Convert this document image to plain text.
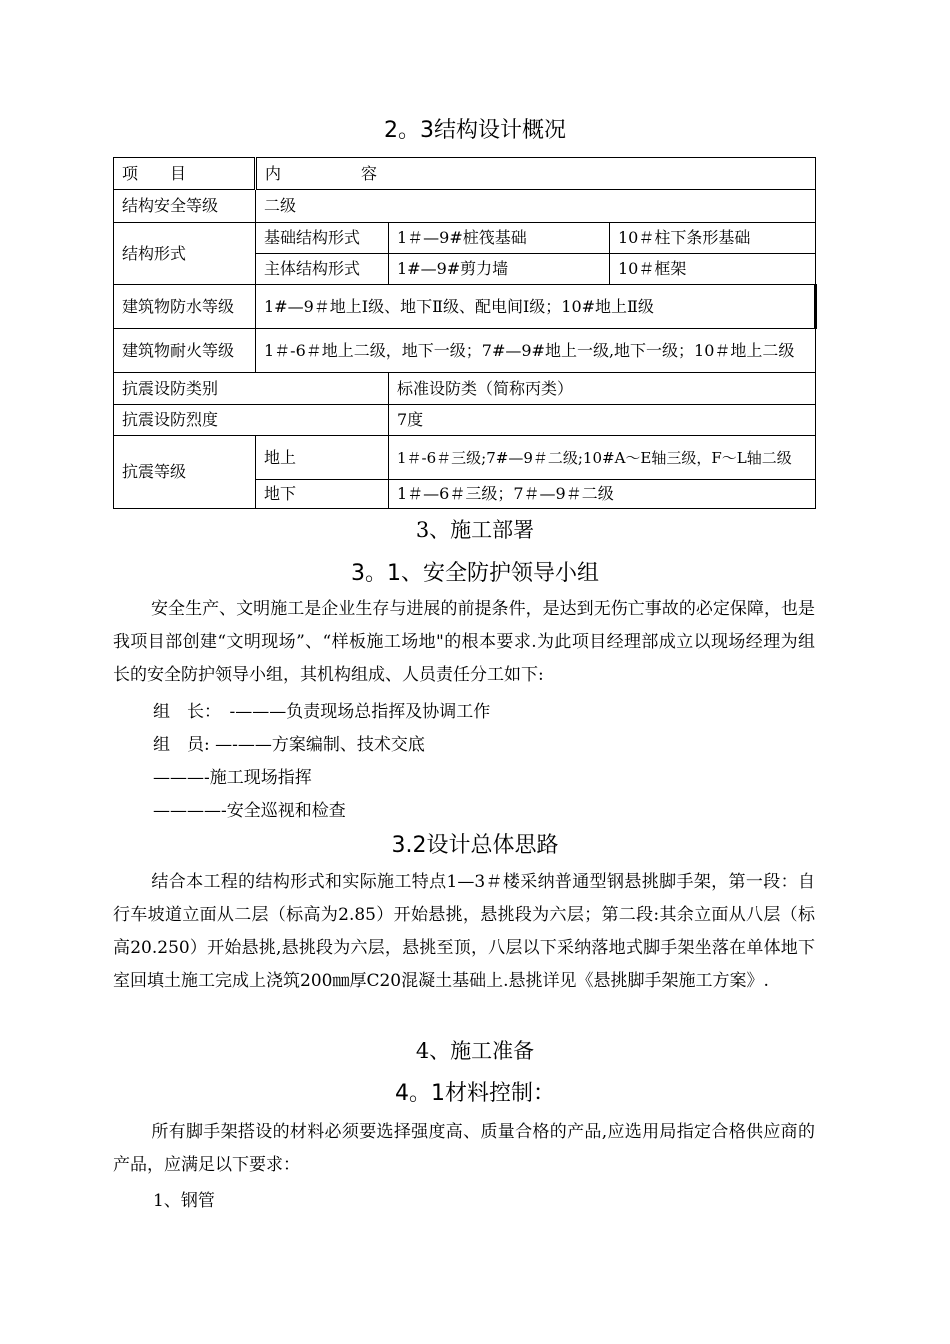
2。3结构设计概况
项　　目	内　　　　　容		
结构安全等级	二级		
结构形式	基础结构形式	1＃—9#桩筏基础	10＃柱下条形基础
	主体结构形式	1#—9#剪力墙	10＃框架
建筑物防水等级	1#—9＃地上Ⅰ级、地下Ⅱ级、配电间Ⅰ级；10#地上Ⅱ级		
建筑物耐火等级	1＃-6＃地上二级，地下一级；7#—9#地上一级,地下一级；10＃地上二级		
抗震设防类别		标准设防类（简称丙类）	
抗震设防烈度		7度	
抗震等级	地上	1＃-6＃三级;7#—9＃二级;10#A～E轴三级，F～L轴二级	
	地下	1＃—6＃三级；7＃—9＃二级	
3、施工部署
3。1、安全防护领导小组
安全生产、文明施工是企业生存与进展的前提条件，是达到无伤亡事故的必定保障，也是我项目部创建“文明现场”、“样板施工场地"的根本要求.为此项目经理部成立以现场经理为组长的安全防护领导小组，其机构组成、人员责任分工如下:
组　长：　-———负责现场总指挥及协调工作
组　员: —-——方案编制、技术交底
———-施工现场指挥
————-安全巡视和检查
3.2设计总体思路
结合本工程的结构形式和实际施工特点1—3＃楼采纳普通型钢悬挑脚手架，第一段：自行车坡道立面从二层（标高为2.85）开始悬挑，悬挑段为六层；第二段:其余立面从八层（标高20.250）开始悬挑,悬挑段为六层，悬挑至顶，八层以下采纳落地式脚手架坐落在单体地下室回填土施工完成上浇筑200㎜厚C20混凝土基础上.悬挑详见《悬挑脚手架施工方案》.
4、施工准备
4。1材料控制：
所有脚手架搭设的材料必须要选择强度高、质量合格的产品,应选用局指定合格供应商的产品，应满足以下要求：
1、钢管
